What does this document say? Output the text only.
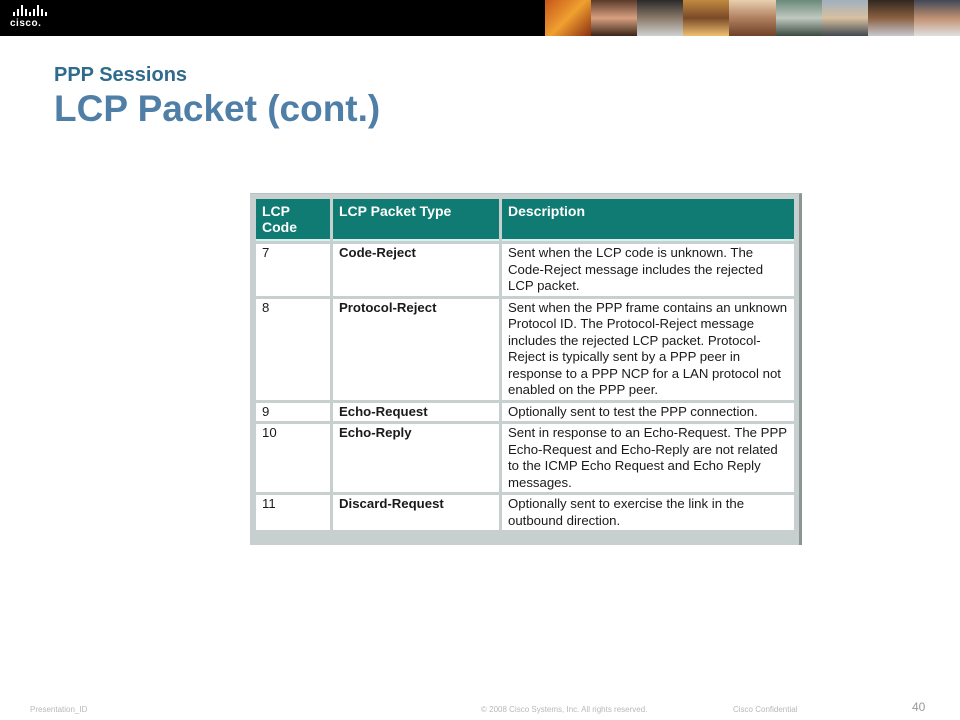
cisco.
PPP Sessions
LCP Packet (cont.)
LCP Code	LCP Packet Type	Description
7	Code-Reject	Sent when the LCP code is unknown. The Code-Reject message includes the rejected LCP packet.
8	Protocol-Reject	Sent when the PPP frame contains an unknown Protocol ID. The Protocol-Reject message includes the rejected LCP packet. Protocol-Reject is typically sent by a PPP peer in response to a PPP NCP for a LAN protocol not enabled on the PPP peer.
9	Echo-Request	Optionally sent to test the PPP connection.
10	Echo-Reply	Sent in response to an Echo-Request. The PPP Echo-Request and Echo-Reply are not related to the ICMP Echo Request and Echo Reply messages.
11	Discard-Request	Optionally sent to exercise the link in the outbound direction.
Presentation_ID	© 2008 Cisco Systems, Inc. All rights reserved.	Cisco Confidential	40
